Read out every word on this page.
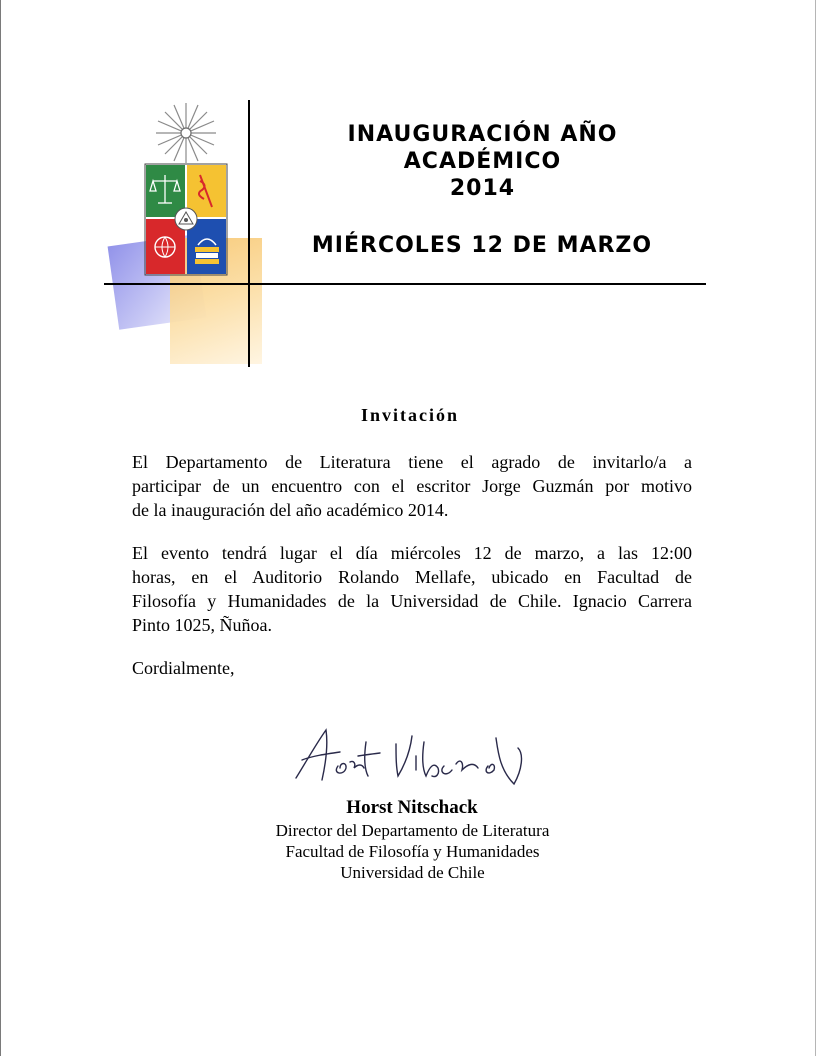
INAUGURACIÓN AÑO
ACADÉMICO
2014
MIÉRCOLES 12 DE MARZO
Invitación
El Departamento de Literatura tiene el agrado de invitarlo/a a
participar de un encuentro con el escritor Jorge Guzmán por motivo
de la inauguración del año académico 2014.
El evento tendrá lugar el día miércoles 12 de marzo, a las 12:00
horas, en el Auditorio Rolando Mellafe, ubicado en Facultad de
Filosofía y Humanidades de la Universidad de Chile. Ignacio Carrera
Pinto 1025, Ñuñoa.
Cordialmente,
Horst Nitschack
Director del Departamento de Literatura
Facultad de Filosofía y Humanidades
Universidad de Chile
